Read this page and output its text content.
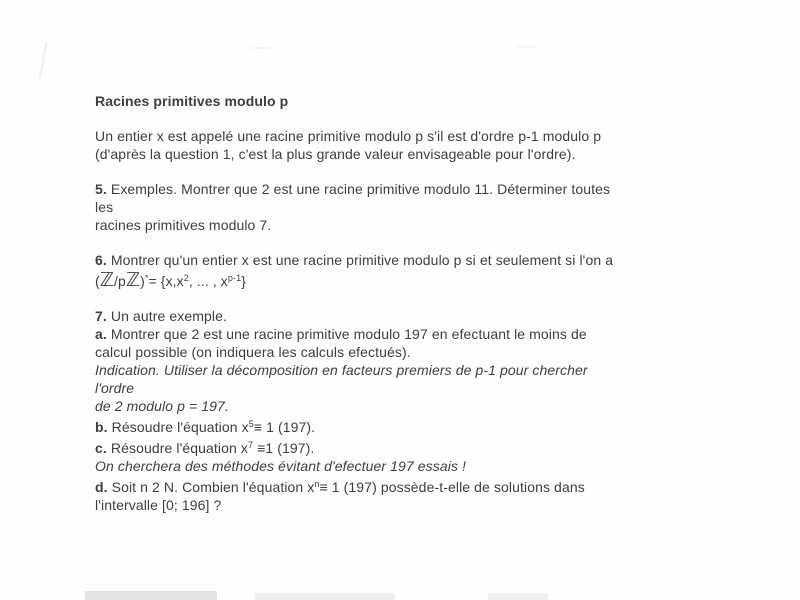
Racines primitives modulo p
Un entier x est appelé une racine primitive modulo p s'il est d'ordre p-1 modulo p
(d'après la question 1, c'est la plus grande valeur envisageable pour l'ordre).
5. Exemples. Montrer que 2 est une racine primitive modulo 11. Déterminer toutes les
racines primitives modulo 7.
6. Montrer qu'un entier x est une racine primitive modulo p si et seulement si l'on a
(ℤ/pℤ)*= {$x,x^2$, ... , $x^{p-1}$}
7. Un autre exemple.
a. Montrer que 2 est une racine primitive modulo 197 en efectuant le moins de
calcul possible (on indiquera les calculs efectués).
Indication. Utiliser la décomposition en facteurs premiers de p-1 pour chercher l'ordre
de 2 modulo p = 197.
b. Résoudre l'équation $x^5\equiv 1$ (197).
c. Résoudre l'équation $x^7 \equiv 1$ (197).
On cherchera des méthodes évitant d'efectuer 197 essais !
d. Soit n 2 N. Combien l'équation $x^n\equiv 1$ (197) possède-t-elle de solutions dans
l'intervalle [0; 196] ?
